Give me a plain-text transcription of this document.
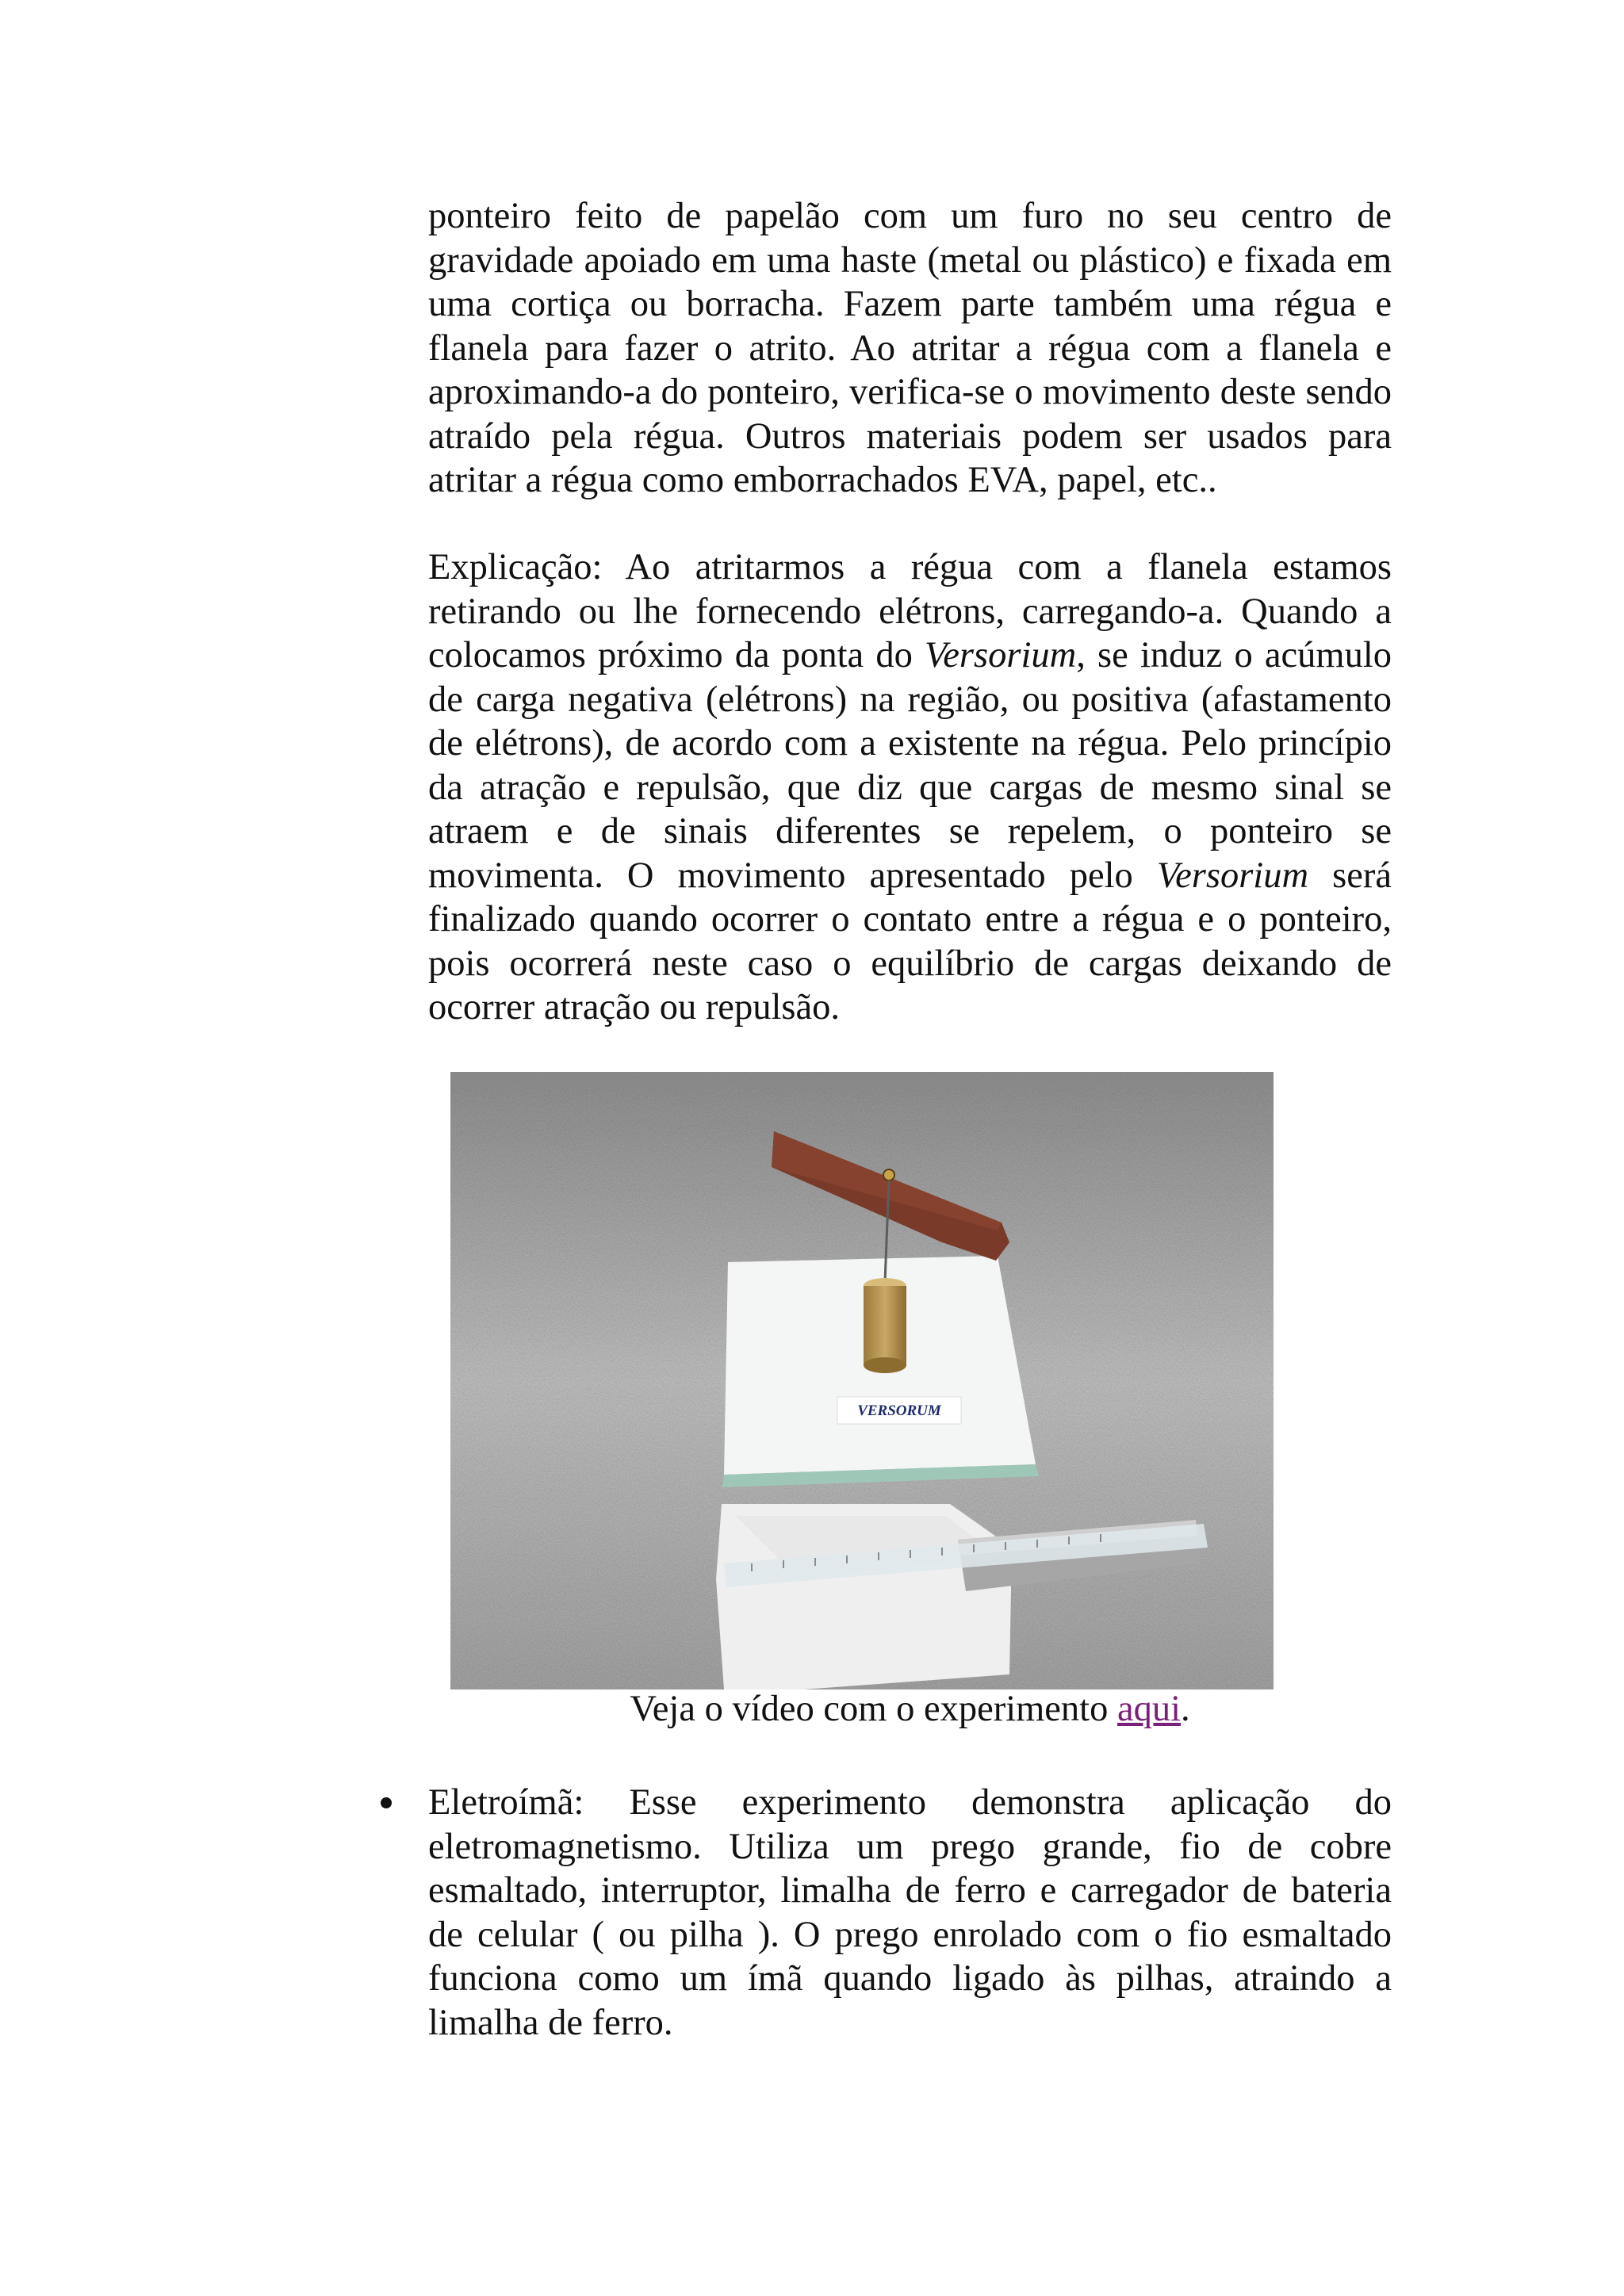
ponteiro feito de papelão com um furo no seu centro de gravidade apoiado em uma haste (metal ou plástico) e fixada em uma cortiça ou borracha. Fazem parte também uma régua e flanela para fazer o atrito. Ao atritar a régua com a flanela e aproximando-a do ponteiro, verifica-se o movimento deste sendo atraído pela régua. Outros materiais podem ser usados para atritar a régua como emborrachados EVA, papel, etc..

Explicação: Ao atritarmos a régua com a flanela estamos retirando ou lhe fornecendo elétrons, carregando-a. Quando a colocamos próximo da ponta do Versorium, se induz o acúmulo de carga negativa (elétrons) na região, ou positiva (afastamento de elétrons), de acordo com a existente na régua. Pelo princípio da atração e repulsão, que diz que cargas de mesmo sinal se atraem e de sinais diferentes se repelem, o ponteiro se movimenta. O movimento apresentado pelo Versorium será finalizado quando ocorrer o contato entre a régua e o ponteiro, pois ocorrerá neste caso o equilíbrio de cargas deixando de ocorrer atração ou repulsão.

VERSORUM

Veja o vídeo com o experimento aqui.

Eletroímã: Esse experimento demonstra aplicação do eletromagnetismo. Utiliza um prego grande, fio de cobre esmaltado, interruptor, limalha de ferro e carregador de bateria de celular ( ou pilha ). O prego enrolado com o fio esmaltado funciona como um ímã quando ligado às pilhas, atraindo a limalha de ferro.
